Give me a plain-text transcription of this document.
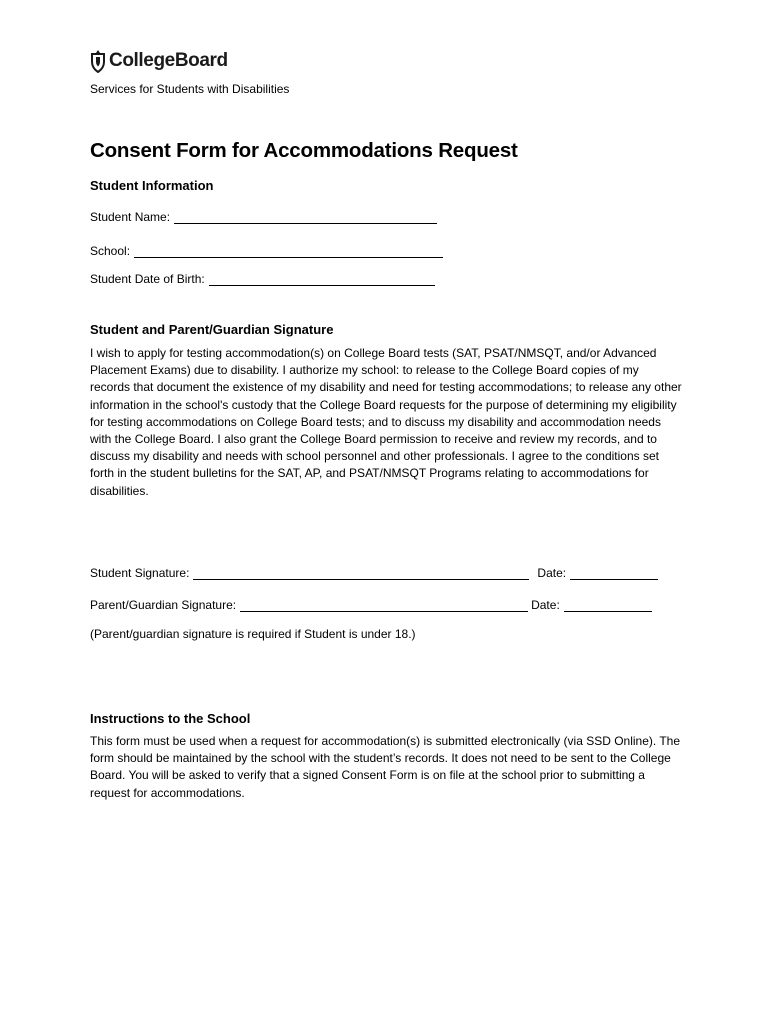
CollegeBoard
Services for Students with Disabilities
Consent Form for Accommodations Request
Student Information
Student Name:
School:
Student Date of Birth:
Student and Parent/Guardian Signature

I wish to apply for testing accommodation(s) on College Board tests (SAT, PSAT/NMSQT, and/or Advanced Placement Exams) due to disability. I authorize my school: to release to the College Board copies of my records that document the existence of my disability and need for testing accommodations; to release any other information in the school's custody that the College Board requests for the purpose of determining my eligibility for testing accommodations on College Board tests; and to discuss my disability and accommodation needs with the College Board. I also grant the College Board permission to receive and review my records, and to discuss my disability and needs with school personnel and other professionals. I agree to the conditions set forth in the student bulletins for the SAT, AP, and PSAT/NMSQT Programs relating to accommodations for disabilities.

Student Signature:	Date:
Parent/Guardian Signature:	Date:
(Parent/guardian signature is required if Student is under 18.)
Instructions to the School

This form must be used when a request for accommodation(s) is submitted electronically (via SSD Online). The form should be maintained by the school with the student’s records. It does not need to be sent to the College Board. You will be asked to verify that a signed Consent Form is on file at the school prior to submitting a request for accommodations.
